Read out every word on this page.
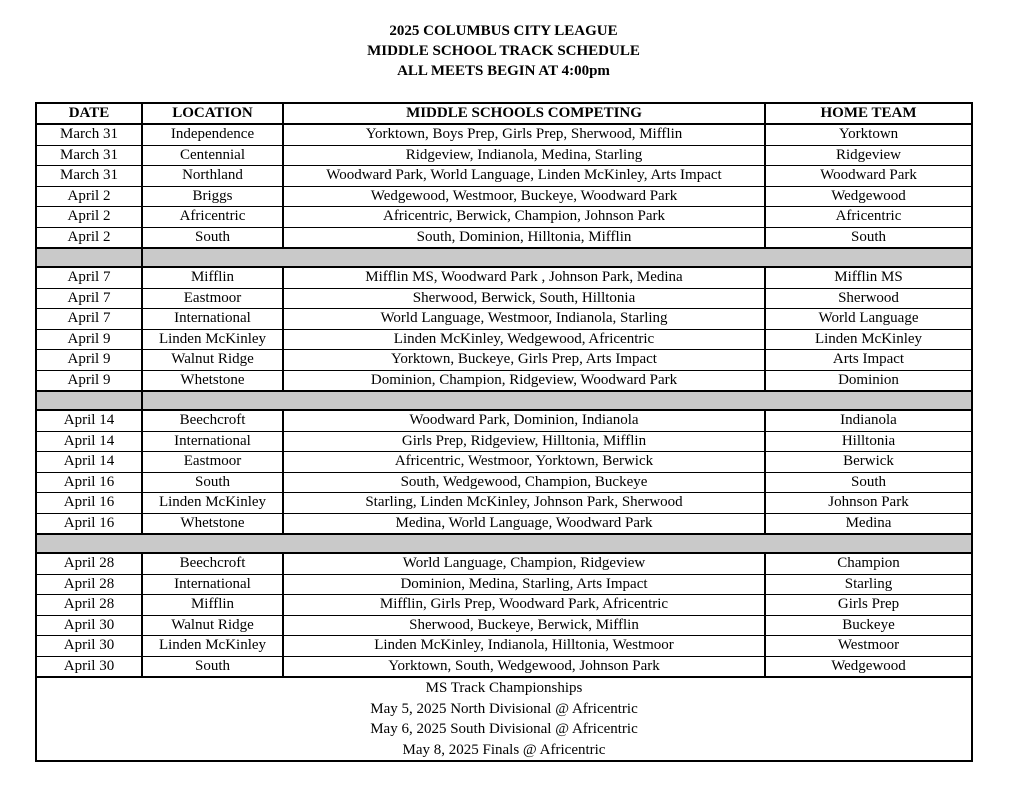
2025 COLUMBUS CITY LEAGUE
MIDDLE SCHOOL TRACK SCHEDULE
ALL MEETS BEGIN AT 4:00pm
DATE	LOCATION	MIDDLE SCHOOLS COMPETING	HOME TEAM
March 31	Independence	Yorktown, Boys Prep, Girls Prep, Sherwood, Mifflin	Yorktown
March 31	Centennial	Ridgeview, Indianola, Medina, Starling	Ridgeview
March 31	Northland	Woodward Park, World Language, Linden McKinley, Arts Impact	Woodward Park
April 2	Briggs	Wedgewood, Westmoor, Buckeye, Woodward Park	Wedgewood
April 2	Africentric	Africentric, Berwick, Champion, Johnson Park	Africentric
April 2	South	South, Dominion, Hilltonia, Mifflin	South

April 7	Mifflin	Mifflin MS, Woodward Park , Johnson Park, Medina	Mifflin MS
April 7	Eastmoor	Sherwood, Berwick, South, Hilltonia	Sherwood
April 7	International	World Language, Westmoor, Indianola, Starling	World Language
April 9	Linden McKinley	Linden McKinley, Wedgewood, Africentric	Linden McKinley
April 9	Walnut Ridge	Yorktown, Buckeye, Girls Prep, Arts Impact	Arts Impact
April 9	Whetstone	Dominion, Champion, Ridgeview, Woodward Park	Dominion

April 14	Beechcroft	Woodward Park, Dominion, Indianola	Indianola
April 14	International	Girls Prep, Ridgeview, Hilltonia, Mifflin	Hilltonia
April 14	Eastmoor	Africentric, Westmoor, Yorktown, Berwick	Berwick
April 16	South	South, Wedgewood, Champion, Buckeye	South
April 16	Linden McKinley	Starling, Linden McKinley, Johnson Park, Sherwood	Johnson Park
April 16	Whetstone	Medina, World Language, Woodward Park	Medina

April 28	Beechcroft	World Language, Champion, Ridgeview	Champion
April 28	International	Dominion, Medina, Starling, Arts Impact	Starling
April 28	Mifflin	Mifflin, Girls Prep, Woodward Park, Africentric	Girls Prep
April 30	Walnut Ridge	Sherwood, Buckeye, Berwick, Mifflin	Buckeye
April 30	Linden McKinley	Linden McKinley, Indianola, Hilltonia, Westmoor	Westmoor
April 30	South	Yorktown, South, Wedgewood, Johnson Park	Wedgewood

MS Track Championships
May 5, 2025 North Divisional @ Africentric
May 6, 2025 South Divisional @ Africentric
May 8, 2025 Finals @ Africentric			
